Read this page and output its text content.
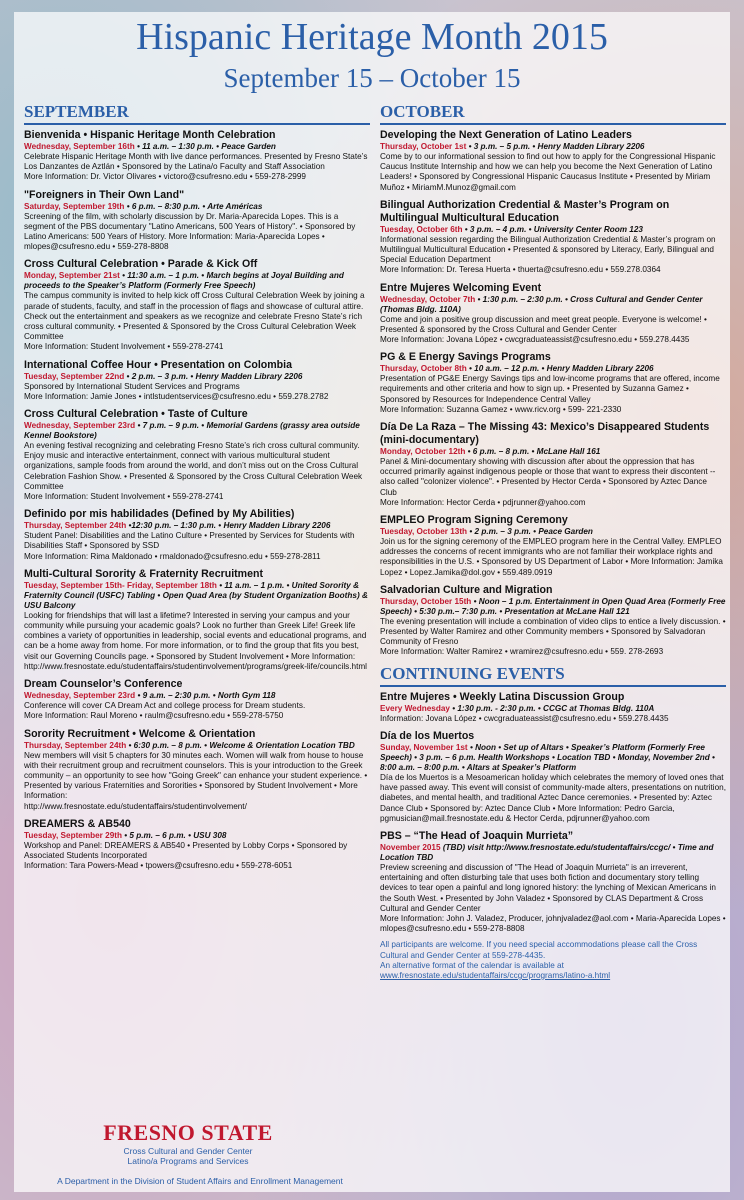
Hispanic Heritage Month 2015
September 15 – October 15
SEPTEMBER
Bienvenida • Hispanic Heritage Month Celebration
Wednesday, September 16th • 11 a.m. – 1:30 p.m. • Peace Garden
Celebrate Hispanic Heritage Month with live dance performances. Presented by Fresno State’s Los Danzantes de Aztlán • Sponsored by the Latina/o Faculty and Staff Association
More Information: Dr. Victor Olivares • victoro@csufresno.edu • 559-278-2999
"Foreigners in Their Own Land"
Saturday, September 19th • 6 p.m. – 8:30 p.m. • Arte Américas
Screening of the film, with scholarly discussion by Dr. Maria-Aparecida Lopes. This is a segment of the PBS documentary "Latino Americans, 500 Years of History". • Sponsored by Latino Americans: 500 Years of History. More Information: Maria-Aparecida Lopes • mlopes@csufresno.edu • 559-278-8808
Cross Cultural Celebration • Parade & Kick Off
Monday, September 21st • 11:30 a.m. – 1 p.m. • March begins at Joyal Building and proceeds to the Speaker’s Platform (Formerly Free Speech)
The campus community is invited to help kick off Cross Cultural Celebration Week by joining a parade of students, faculty, and staff in the procession of flags and showcase of cultural attire. Check out the entertainment and speakers as we recognize and celebrate Fresno State’s rich cross cultural community. • Presented & Sponsored by the Cross Cultural Celebration Week Committee
More Information: Student Involvement • 559-278-2741
International Coffee Hour • Presentation on Colombia
Tuesday, September 22nd • 2 p.m. – 3 p.m. • Henry Madden Library 2206
Sponsored by International Student Services and Programs
More Information: Jamie Jones • intlstudentservices@csufresno.edu • 559.278.2782
Cross Cultural Celebration • Taste of Culture
Wednesday, September 23rd • 7 p.m. – 9 p.m. • Memorial Gardens (grassy area outside Kennel Bookstore)
An evening festival recognizing and celebrating Fresno State’s rich cross cultural community. Enjoy music and interactive entertainment, connect with various multicultural student organizations, sample foods from around the world, and don’t miss out on the Cross Cultural Celebration Fashion Show. • Presented & Sponsored by the Cross Cultural Celebration Week Committee
More Information: Student Involvement • 559-278-2741
Definido por mis habilidades (Defined by My Abilities)
Thursday, September 24th •12:30 p.m. – 1:30 p.m. • Henry Madden Library 2206
Student Panel: Disabilities and the Latino Culture • Presented by Services for Students with Disabilities Staff • Sponsored by SSD
More Information: Rima Maldonado • rmaldonado@csufresno.edu • 559-278-2811
Multi-Cultural Sorority & Fraternity Recruitment
Tuesday, September 15th- Friday, September 18th • 11 a.m. – 1 p.m. • United Sorority & Fraternity Council (USFC) Tabling • Open Quad Area (by Student Organization Booths) & USU Balcony
Looking for friendships that will last a lifetime? Interested in serving your campus and your community while pursuing your academic goals? Look no further than Greek Life! Greek life combines a variety of opportunities in leadership, social events and educational programs, and can be a home away from home. For more information, or to find the group that fits you best, visit our Governing Councils page. • Sponsored by Student Involvement • More Information:
http://www.fresnostate.edu/studentaffairs/studentinvolvement/programs/greek-life/councils.html
Dream Counselor’s Conference
Wednesday, September 23rd • 9 a.m. – 2:30 p.m. • North Gym 118
Conference will cover CA Dream Act and college process for Dream students.
More Information: Raul Moreno • raulm@csufresno.edu • 559-278-5750
Sorority Recruitment • Welcome & Orientation
Thursday, September 24th • 6:30 p.m. – 8 p.m. • Welcome & Orientation Location TBD
New members will visit 5 chapters for 30 minutes each. Women will walk from house to house with their recruitment group and recruitment counselors. This is your introduction to the Greek community – an opportunity to see how "Going Greek" can enhance your student experience. • Presented by various Fraternities and Sororities • Sponsored by Student Involvement • More Information:
http://www.fresnostate.edu/studentaffairs/studentinvolvement/
DREAMERS & AB540
Tuesday, September 29th • 5 p.m. – 6 p.m. • USU 308
Workshop and Panel: DREAMERS & AB540 • Presented by Lobby Corps • Sponsored by Associated Students Incorporated
Information: Tara Powers-Mead • tpowers@csufresno.edu • 559-278-6051
OCTOBER
Developing the Next Generation of Latino Leaders
Thursday, October 1st • 3 p.m. – 5 p.m. • Henry Madden Library 2206
Come by to our informational session to find out how to apply for the Congressional Hispanic Caucus Institute Internship and how we can help you become the Next Generation of Latino Leaders! • Sponsored by Congressional Hispanic Caucasus Institute • Presented by Miriam Muñoz • MiriamM.Munoz@gmail.com
Bilingual Authorization Credential & Master’s Program on Multilingual Multicultural Education
Tuesday, October 6th • 3 p.m. – 4 p.m. • University Center Room 123
Informational session regarding the Bilingual Authorization Credential & Master’s program on Multilingual Multicultural Education • Presented & sponsored by Literacy, Early, Bilingual and Special Education Department
More Information: Dr. Teresa Huerta • thuerta@csufresno.edu • 559.278.0364
Entre Mujeres Welcoming Event
Wednesday, October 7th • 1:30 p.m. – 2:30 p.m. • Cross Cultural and Gender Center (Thomas Bldg. 110A)
Come and join a positive group discussion and meet great people. Everyone is welcome! • Presented & sponsored by the Cross Cultural and Gender Center
More Information: Jovana López • cwcgraduateassist@csufresno.edu • 559.278.4435
PG & E Energy Savings Programs
Thursday, October 8th • 10 a.m. – 12 p.m. • Henry Madden Library 2206
Presentation of PG&E Energy Savings tips and low-income programs that are offered, income requirements and other criteria and how to sign up. • Presented by Suzanna Gamez • Sponsored by Resources for Independence Central Valley
More Information: Suzanna Gamez • www.ricv.org • 599- 221-2330
Día De La Raza – The Missing 43: Mexico’s Disappeared Students (mini-documentary)
Monday, October 12th • 6 p.m. – 8 p.m. • McLane Hall 161
Panel & Mini-documentary showing with discussion after about the oppression that has occurred primarily against indigenous people or those that want to express their discontent -- also called "colonizer violence". • Presented by Hector Cerda • Sponsored by Aztec Dance Club
More Information: Hector Cerda • pdjrunner@yahoo.com
EMPLEO Program Signing Ceremony
Tuesday, October 13th • 2 p.m. – 3 p.m. • Peace Garden
Join us for the signing ceremony of the EMPLEO program here in the Central Valley. EMPLEO addresses the concerns of recent immigrants who are not familiar their workplace rights and responsibilities in the U.S. • Sponsored by US Department of Labor • More Information: Jamika Lopez • Lopez.Jamika@dol.gov • 559.489.0919
Salvadorian Culture and Migration
Thursday, October 15th • Noon – 1 p.m. Entertainment in Open Quad Area (Formerly Free Speech) • 5:30 p.m.– 7:30 p.m. • Presentation at McLane Hall 121
The evening presentation will include a combination of video clips to entice a lively discussion. • Presented by Walter Ramirez and other Community members • Sponsored by Salvadoran Community of Fresno
More Information: Walter Ramirez • wramirez@csufresno.edu • 559. 278-2693
CONTINUING EVENTS
Entre Mujeres • Weekly Latina Discussion Group
Every Wednesday • 1:30 p.m. - 2:30 p.m. • CCGC at Thomas Bldg. 110A
Information: Jovana López • cwcgraduateassist@csufresno.edu • 559.278.4435
Día de los Muertos
Sunday, November 1st • Noon • Set up of Altars • Speaker’s Platform (Formerly Free Speech) • 3 p.m. – 6 p.m. Health Workshops • Location TBD • Monday, November 2nd • 8:00 a.m. – 8:00 p.m. • Altars at Speaker’s Platform
Día de los Muertos is a Mesoamerican holiday which celebrates the memory of loved ones that have passed away. This event will consist of community-made alters, presentations on nutrition, diabetes, and mental health, and traditional Aztec Dance ceremonies. • Presented by: Aztec Dance Club • Sponsored by: Aztec Dance Club • More Information: Pedro Garcia, pgmusician@mail.fresnostate.edu & Hector Cerda, pdjrunner@yahoo.com
PBS – “The Head of Joaquin Murrieta”
November 2015 (TBD) visit http://www.fresnostate.edu/studentaffairs/ccgc/ • Time and Location TBD
Preview screening and discussion of "The Head of Joaquin Murrieta" is an irreverent, entertaining and often disturbing tale that uses both fiction and documentary story telling devices to tear open a painful and long ignored history: the lynching of Mexican Americans in the South West. • Presented by John Valadez • Sponsored by CLAS Department & Cross Cultural and Gender Center
More Information: John J. Valadez, Producer, johnjvaladez@aol.com • Maria-Aparecida Lopes • mlopes@csufresno.edu • 559-278-8808
All participants are welcome. If you need special accommodations please call the Cross Cultural and Gender Center at 559-278-4435.
An alternative format of the calendar is available at
www.fresnostate.edu/studentaffairs/ccgc/programs/latino-a.html
FRESNO STATE
Cross Cultural and Gender Center
Latino/a Programs and Services
A Department in the Division of Student Affairs and Enrollment Management
